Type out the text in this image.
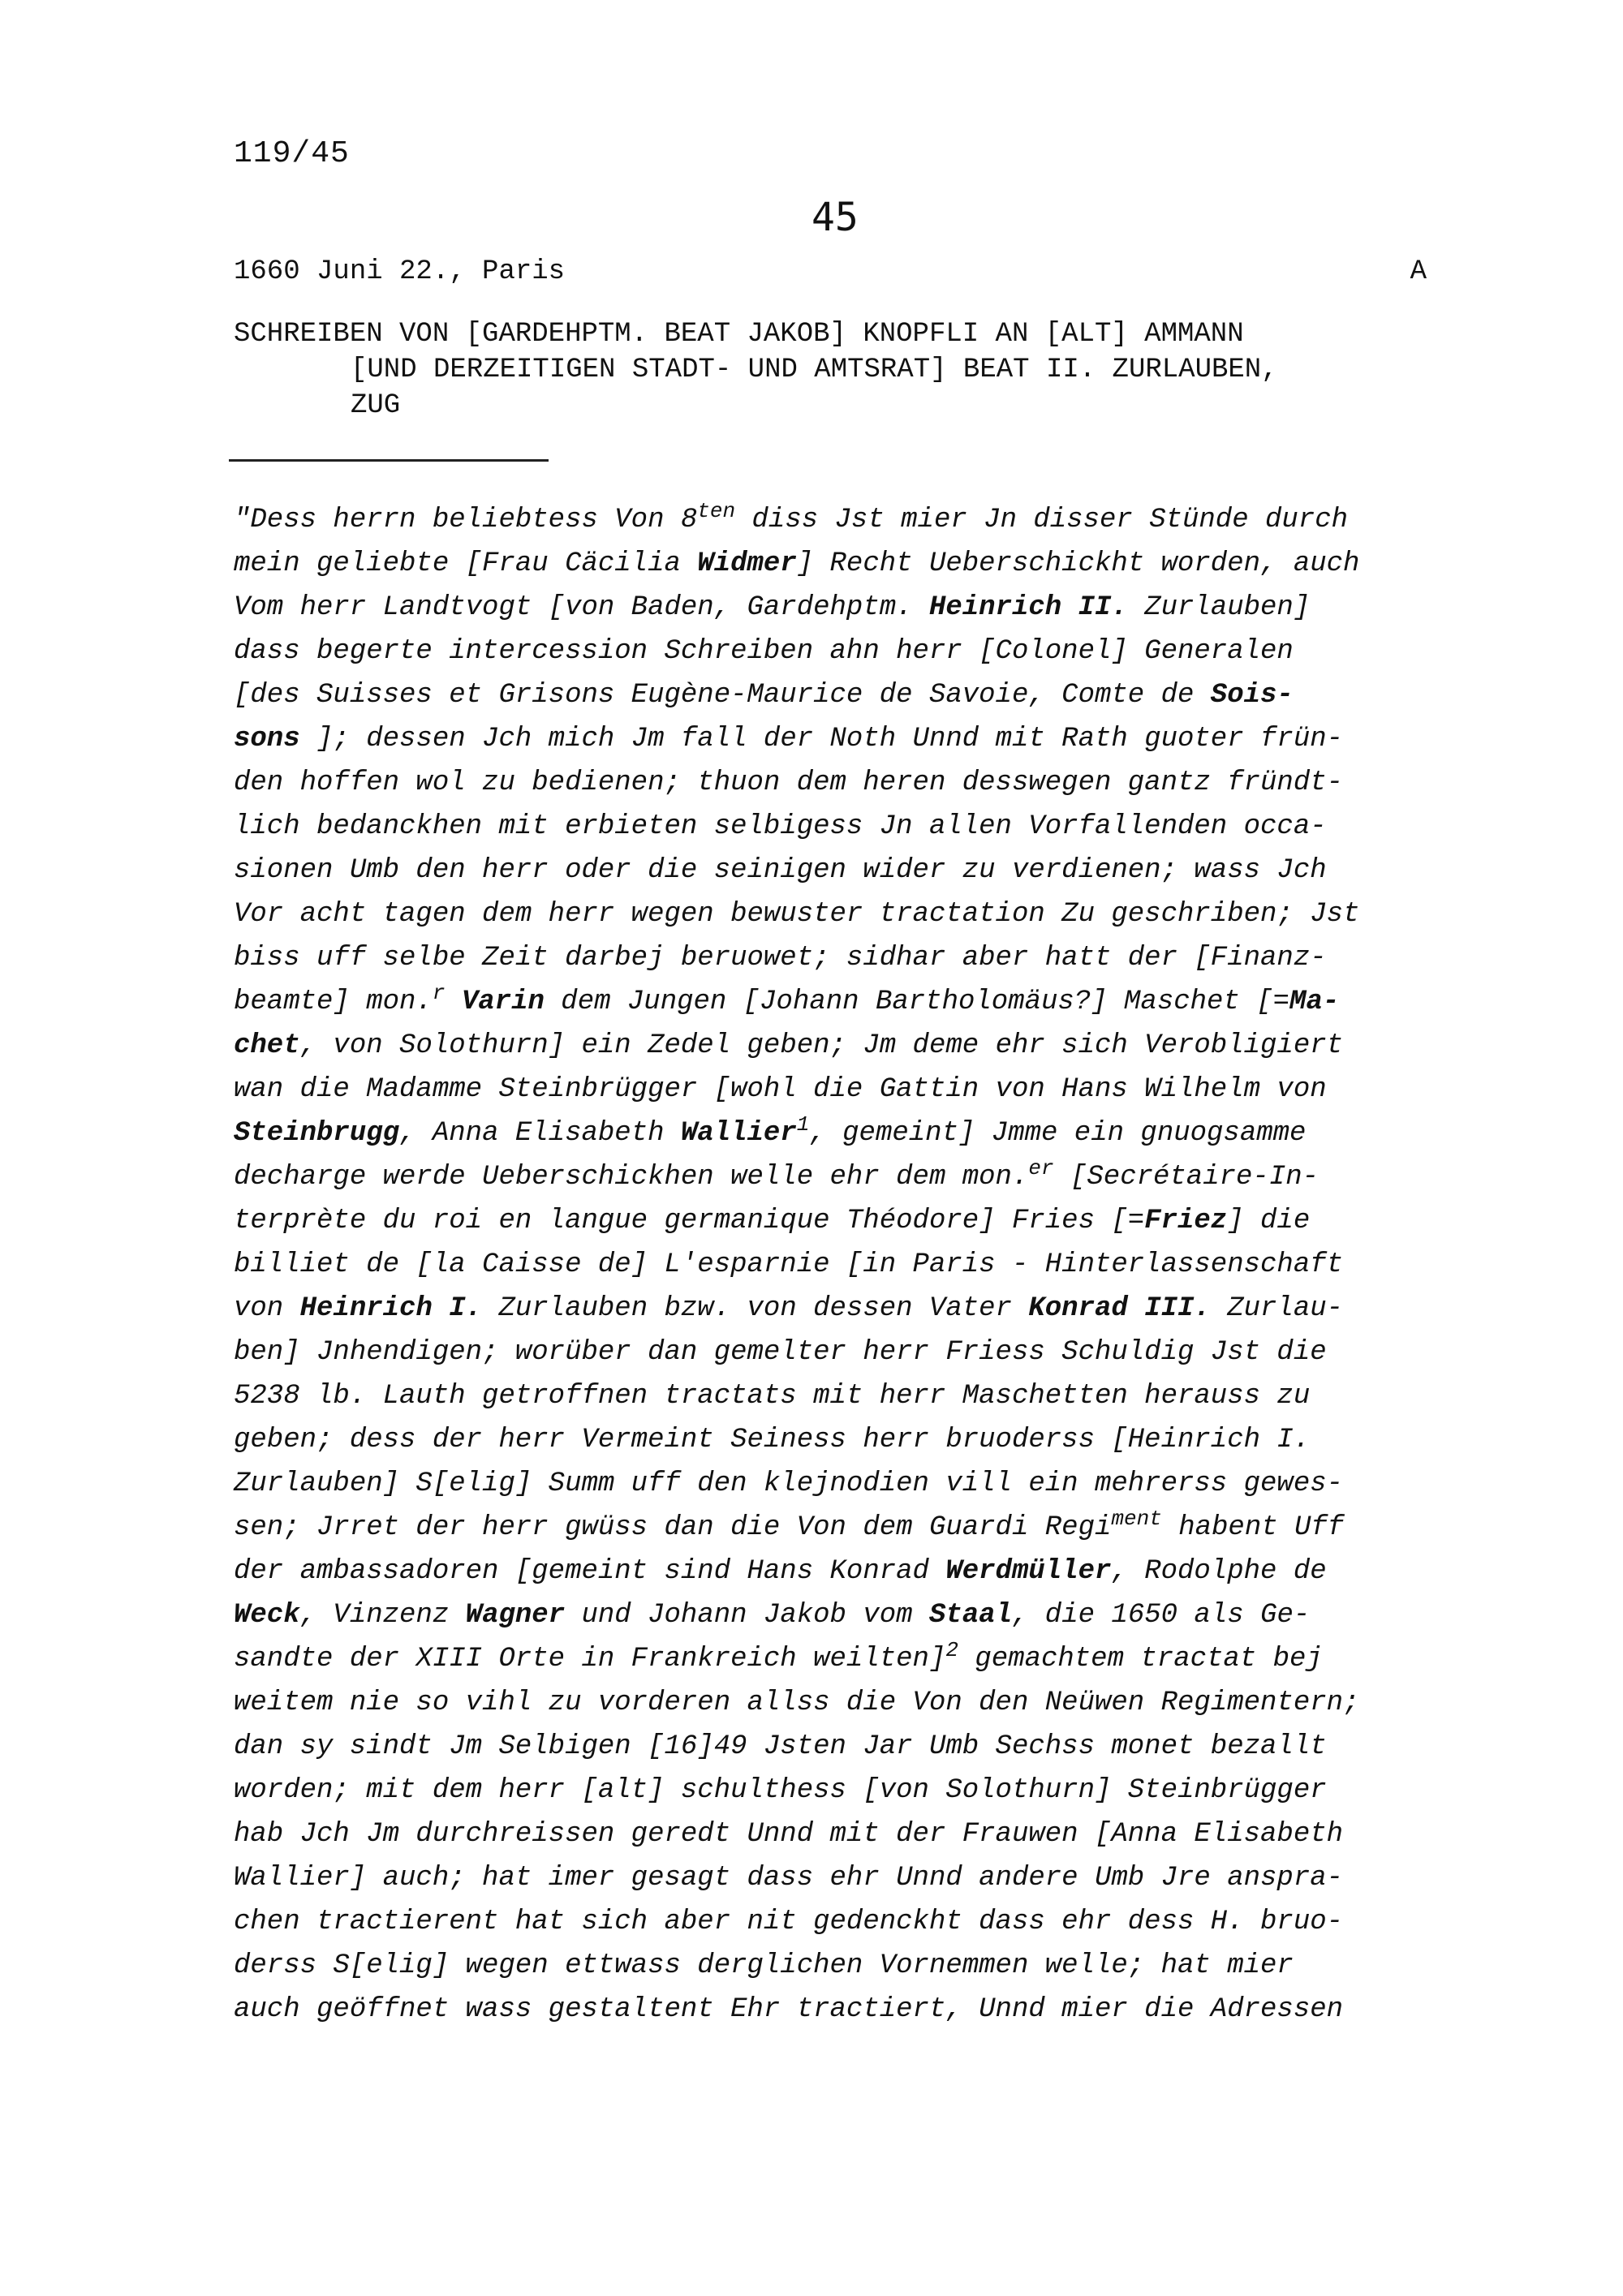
119/45
45
1660 Juni 22., Paris	A
SCHREIBEN VON [GARDEHPTM. BEAT JAKOB] KNOPFLI AN [ALT] AMMANN
[UND DERZEITIGEN STADT- UND AMTSRAT] BEAT II. ZURLAUBEN,
ZUG
"Dess herrn beliebtess Von $8^{ten}$ diss Jst mier Jn disser Stünde durch
mein geliebte [Frau Cäcilia Widmer] Recht Ueberschickht worden, auch
Vom herr Landtvogt [von Baden, Gardehptm. Heinrich II. Zurlauben]
dass begerte intercession Schreiben ahn herr [Colonel] Generalen
[des Suisses et Grisons Eugène-Maurice de Savoie, Comte de Sois-
sons ]; dessen Jch mich Jm fall der Noth Unnd mit Rath guoter frün-
den hoffen wol zu bedienen; thuon dem heren desswegen gantz fründt-
lich bedanckhen mit erbieten selbigess Jn allen Vorfallenden occa-
sionen Umb den herr oder die seinigen wider zu verdienen; wass Jch
Vor acht tagen dem herr wegen bewuster tractation Zu geschriben; Jst
biss uff selbe Zeit darbej beruowet; sidhar aber hatt der [Finanz-
beamte] mon.$^r$ Varin dem Jungen [Johann Bartholomäus?] Maschet [=Ma-
chet, von Solothurn] ein Zedel geben; Jm deme ehr sich Verobligiert
wan die Madamme Steinbrügger [wohl die Gattin von Hans Wilhelm von
Steinbrugg, Anna Elisabeth Wallier$^1$, gemeint] Jmme ein gnuogsamme
decharge werde Ueberschickhen welle ehr dem mon.$^{er}$ [Secrétaire-In-
terprète du roi en langue germanique Théodore] Fries [=Friez] die
billiet de [la Caisse de] L'esparnie [in Paris - Hinterlassenschaft
von Heinrich I. Zurlauben bzw. von dessen Vater Konrad III. Zurlau-
ben] Jnhendigen; worüber dan gemelter herr Friess Schuldig Jst die
5238 lb. Lauth getroffnen tractats mit herr Maschetten herauss zu
geben; dess der herr Vermeint Seiness herr bruoderss [Heinrich I.
Zurlauben] S[elig] Summ uff den klejnodien vill ein mehrerss gewes-
sen; Jrret der herr gwüss dan die Von dem Guardi Regi$^{ment}$ habent Uff
der ambassadoren [gemeint sind Hans Konrad Werdmüller, Rodolphe de
Weck, Vinzenz Wagner und Johann Jakob vom Staal, die 1650 als Ge-
sandte der XIII Orte in Frankreich weilten]$^2$ gemachtem tractat bej
weitem nie so vihl zu vorderen allss die Von den Neüwen Regimentern;
dan sy sindt Jm Selbigen [16]49 Jsten Jar Umb Sechss monet bezallt
worden; mit dem herr [alt] schulthess [von Solothurn] Steinbrügger
hab Jch Jm durchreissen geredt Unnd mit der Frauwen [Anna Elisabeth
Wallier] auch; hat imer gesagt dass ehr Unnd andere Umb Jre anspra-
chen tractierent hat sich aber nit gedenckht dass ehr dess H. bruo-
derss S[elig] wegen ettwass derglichen Vornemmen welle; hat mier
auch geöffnet wass gestaltent Ehr tractiert, Unnd mier die Adressen
